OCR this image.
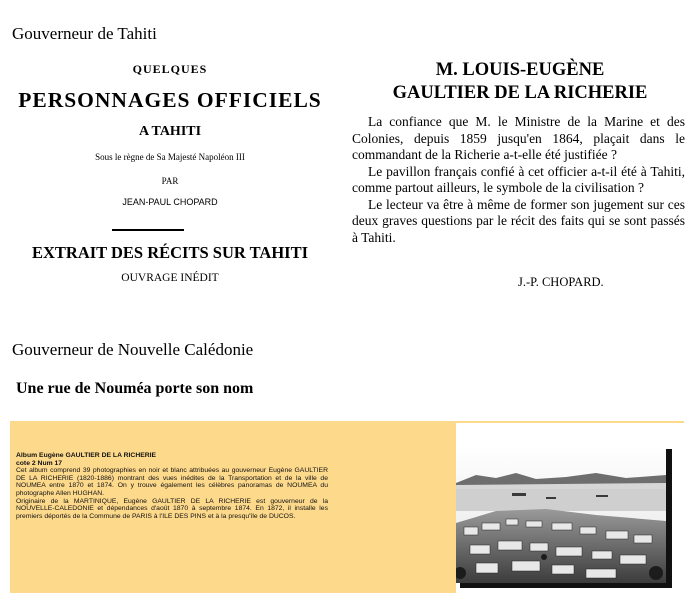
Gouverneur de Tahiti
QUELQUES
PERSONNAGES OFFICIELS
A TAHITI
Sous le règne de Sa Majesté Napoléon III
PAR
JEAN-PAUL CHOPARD
EXTRAIT DES RÉCITS SUR TAHITI
OUVRAGE INÉDIT
M. LOUIS-EUGÈNE
GAULTIER DE LA RICHERIE

La confiance que M. le Ministre de la Marine et des Colonies, depuis 1859 jusqu'en 1864, plaçait dans le commandant de la Richerie a-t-elle été justifiée ?

Le pavillon français confié à cet officier a-t-il été à Tahiti, comme partout ailleurs, le symbole de la civilisation ?

Le lecteur va être à même de former son jugement sur ces deux graves questions par le récit des faits qui se sont passés à Tahiti.

J.-P. CHOPARD.
Gouverneur de Nouvelle Calédonie
Une rue de Nouméa porte son nom
Album Eugène GAULTIER DE LA RICHERIE
cote 2 Num 17
Cet album comprend 39 photographies en noir et blanc attribuées au gouverneur Eugène GAULTIER DE LA RICHERIE (1820-1886) montrant des vues inédites de la Transportation et de la ville de NOUMEA entre 1870 et 1874. On y trouve également les célèbres panoramas de NOUMEA du photographe Allen HUGHAN.
Originaire de la MARTINIQUE, Eugène GAULTIER DE LA RICHERIE est gouverneur de la NOUVELLE-CALEDONIE et dépendances d'août 1870 à septembre 1874. En 1872, il installe les premiers déportés de la Commune de PARIS à l'ILE DES PINS et à la presqu'île de DUCOS.
